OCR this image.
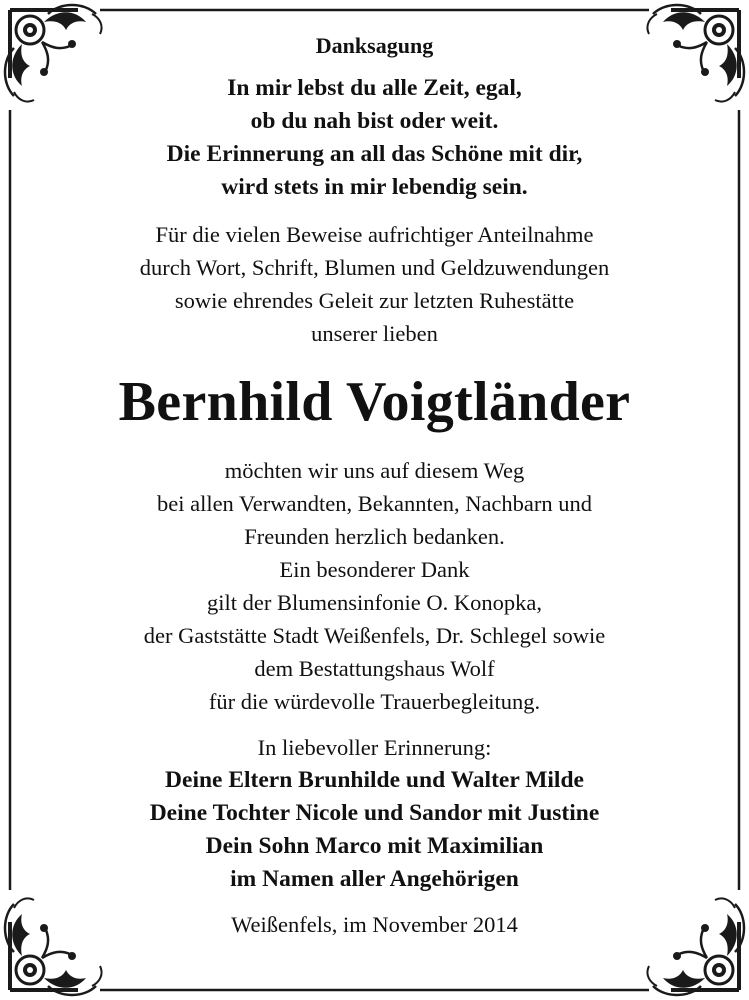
Danksagung

In mir lebst du alle Zeit, egal,

ob du nah bist oder weit.

Die Erinnerung an all das Schöne mit dir,

wird stets in mir lebendig sein.

Für die vielen Beweise aufrichtiger Anteilnahme

durch Wort, Schrift, Blumen und Geldzuwendungen

sowie ehrendes Geleit zur letzten Ruhestätte

unserer lieben

Bernhild Voigtländer

möchten wir uns auf diesem Weg

bei allen Verwandten, Bekannten, Nachbarn und

Freunden herzlich bedanken.

Ein besonderer Dank

gilt der Blumensinfonie O. Konopka,

der Gaststätte Stadt Weißenfels, Dr. Schlegel sowie

dem Bestattungshaus Wolf

für die würdevolle Trauerbegleitung.

In liebevoller Erinnerung:

Deine Eltern Brunhilde und Walter Milde

Deine Tochter Nicole und Sandor mit Justine

Dein Sohn Marco mit Maximilian

im Namen aller Angehörigen

Weißenfels, im November 2014
